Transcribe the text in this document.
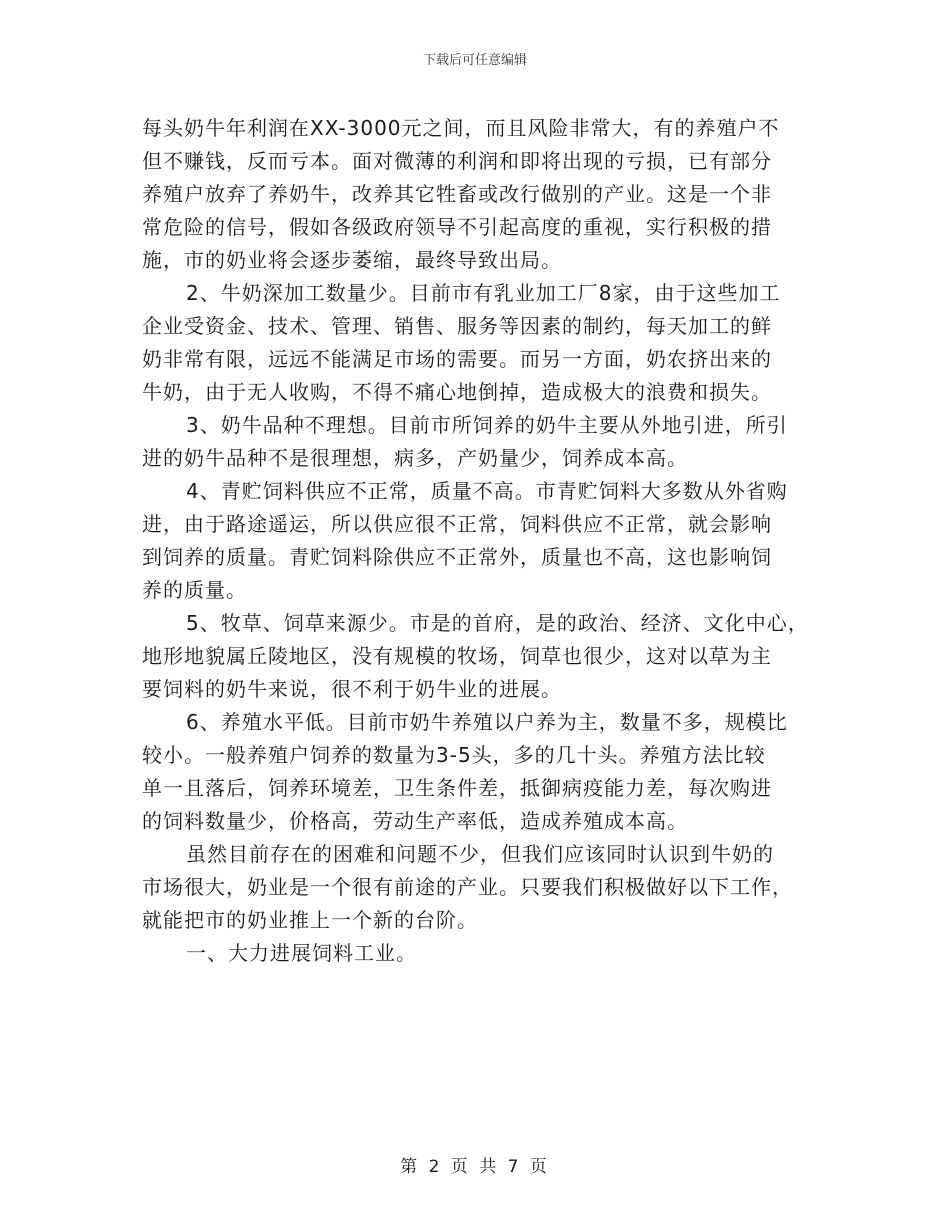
下载后可任意编辑
每头奶牛年利润在XX-3000元之间，而且风险非常大，有的养殖户不
但不赚钱，反而亏本。面对微薄的利润和即将出现的亏损，已有部分
养殖户放弃了养奶牛，改养其它牲畜或改行做别的产业。这是一个非
常危险的信号，假如各级政府领导不引起高度的重视，实行积极的措
施，市的奶业将会逐步萎缩，最终导致出局。
2、牛奶深加工数量少。目前市有乳业加工厂8家，由于这些加工
企业受资金、技术、管理、销售、服务等因素的制约，每天加工的鲜
奶非常有限，远远不能满足市场的需要。而另一方面，奶农挤出来的
牛奶，由于无人收购，不得不痛心地倒掉，造成极大的浪费和损失。
3、奶牛品种不理想。目前市所饲养的奶牛主要从外地引进，所引
进的奶牛品种不是很理想，病多，产奶量少，饲养成本高。
4、青贮饲料供应不正常，质量不高。市青贮饲料大多数从外省购
进，由于路途遥运，所以供应很不正常，饲料供应不正常，就会影响
到饲养的质量。青贮饲料除供应不正常外，质量也不高，这也影响饲
养的质量。
5、牧草、饲草来源少。市是的首府，是的政治、经济、文化中心，
地形地貌属丘陵地区，没有规模的牧场，饲草也很少，这对以草为主
要饲料的奶牛来说，很不利于奶牛业的进展。
6、养殖水平低。目前市奶牛养殖以户养为主，数量不多，规模比
较小。一般养殖户饲养的数量为3-5头，多的几十头。养殖方法比较
单一且落后，饲养环境差，卫生条件差，抵御病疫能力差，每次购进
的饲料数量少，价格高，劳动生产率低，造成养殖成本高。
虽然目前存在的困难和问题不少，但我们应该同时认识到牛奶的
市场很大，奶业是一个很有前途的产业。只要我们积极做好以下工作，
就能把市的奶业推上一个新的台阶。
一、大力进展饲料工业。
第 2 页 共 7 页
